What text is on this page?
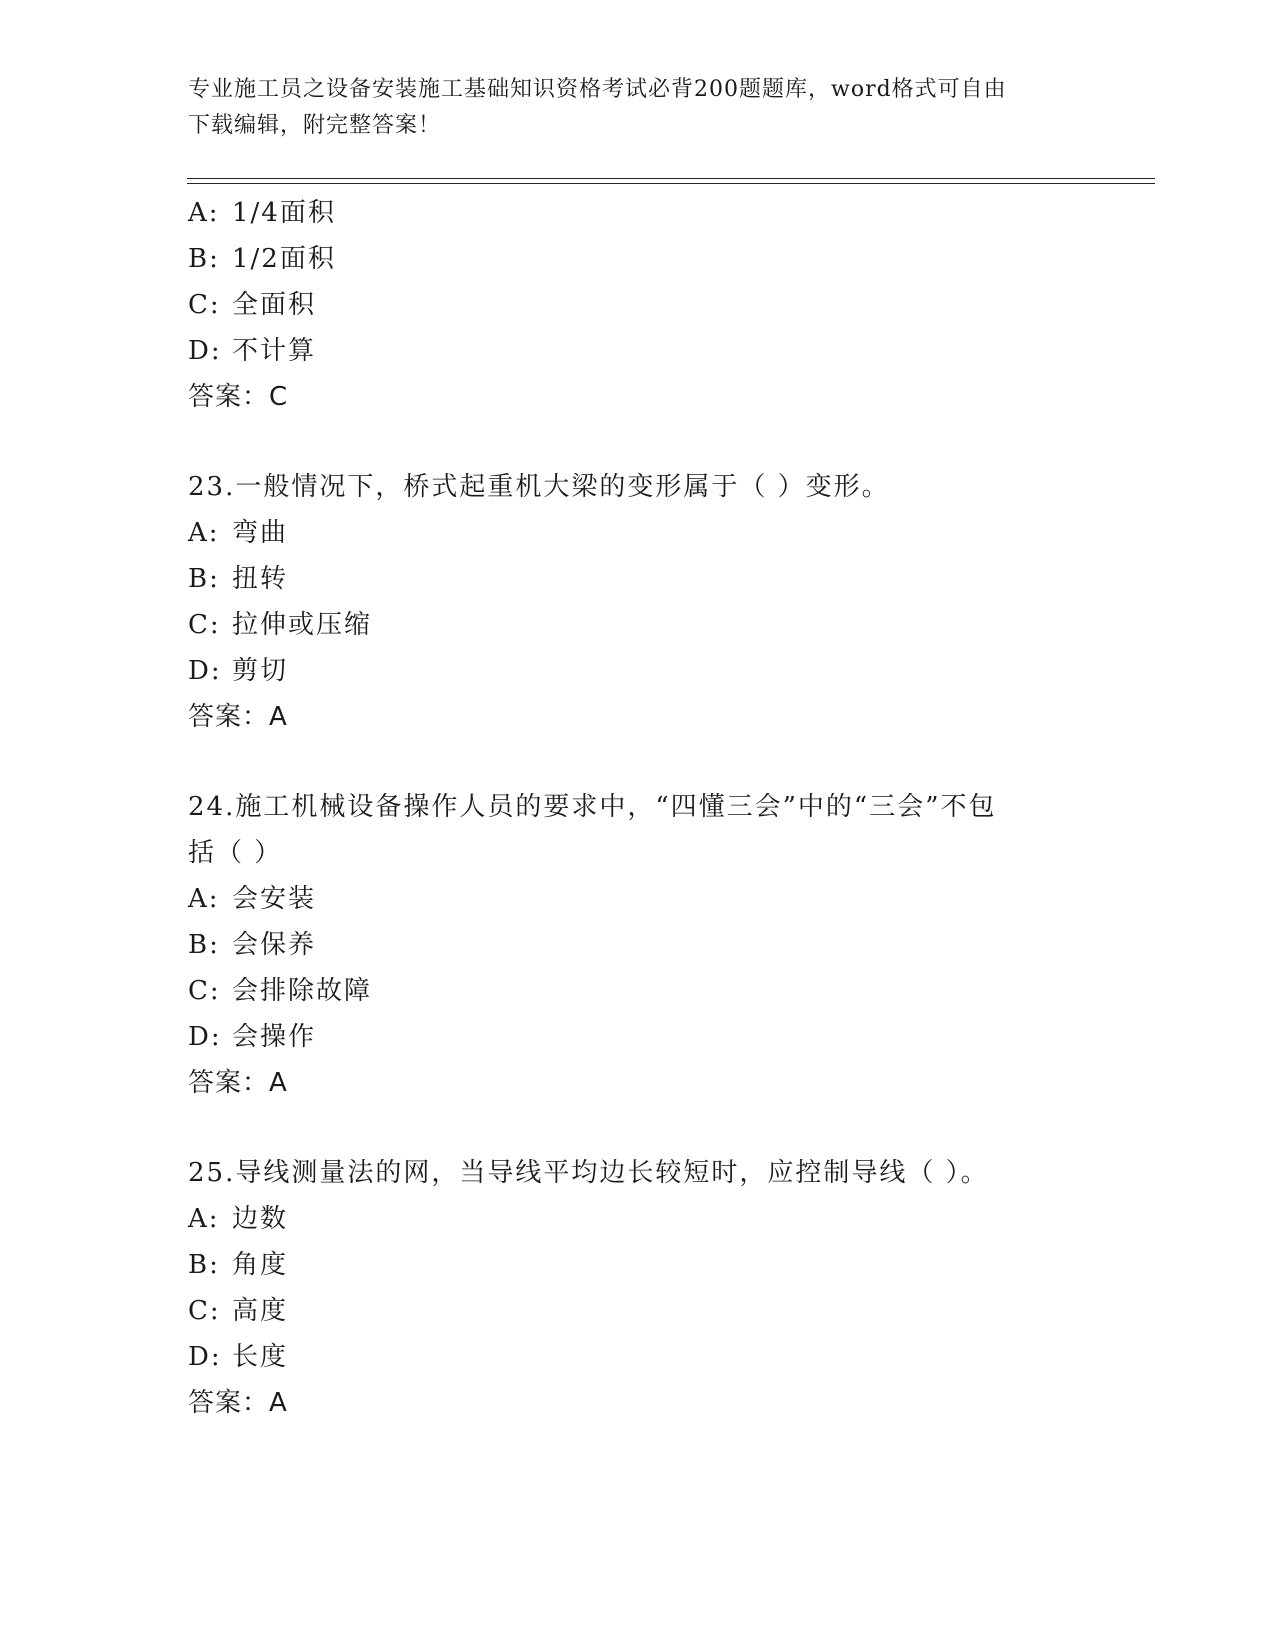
专业施工员之设备安装施工基础知识资格考试必背200题题库，word格式可自由
下载编辑，附完整答案！
A: 1/4面积
B: 1/2面积
C: 全面积
D: 不计算
答案：C
23.一般情况下，桥式起重机大梁的变形属于（ ）变形。
A: 弯曲
B: 扭转
C: 拉伸或压缩
D: 剪切
答案：A
24.施工机械设备操作人员的要求中，“四懂三会”中的“三会”不包
括（ ）
A: 会安装
B: 会保养
C: 会排除故障
D: 会操作
答案：A
25.导线测量法的网，当导线平均边长较短时，应控制导线（ ）。
A: 边数
B: 角度
C: 高度
D: 长度
答案：A
